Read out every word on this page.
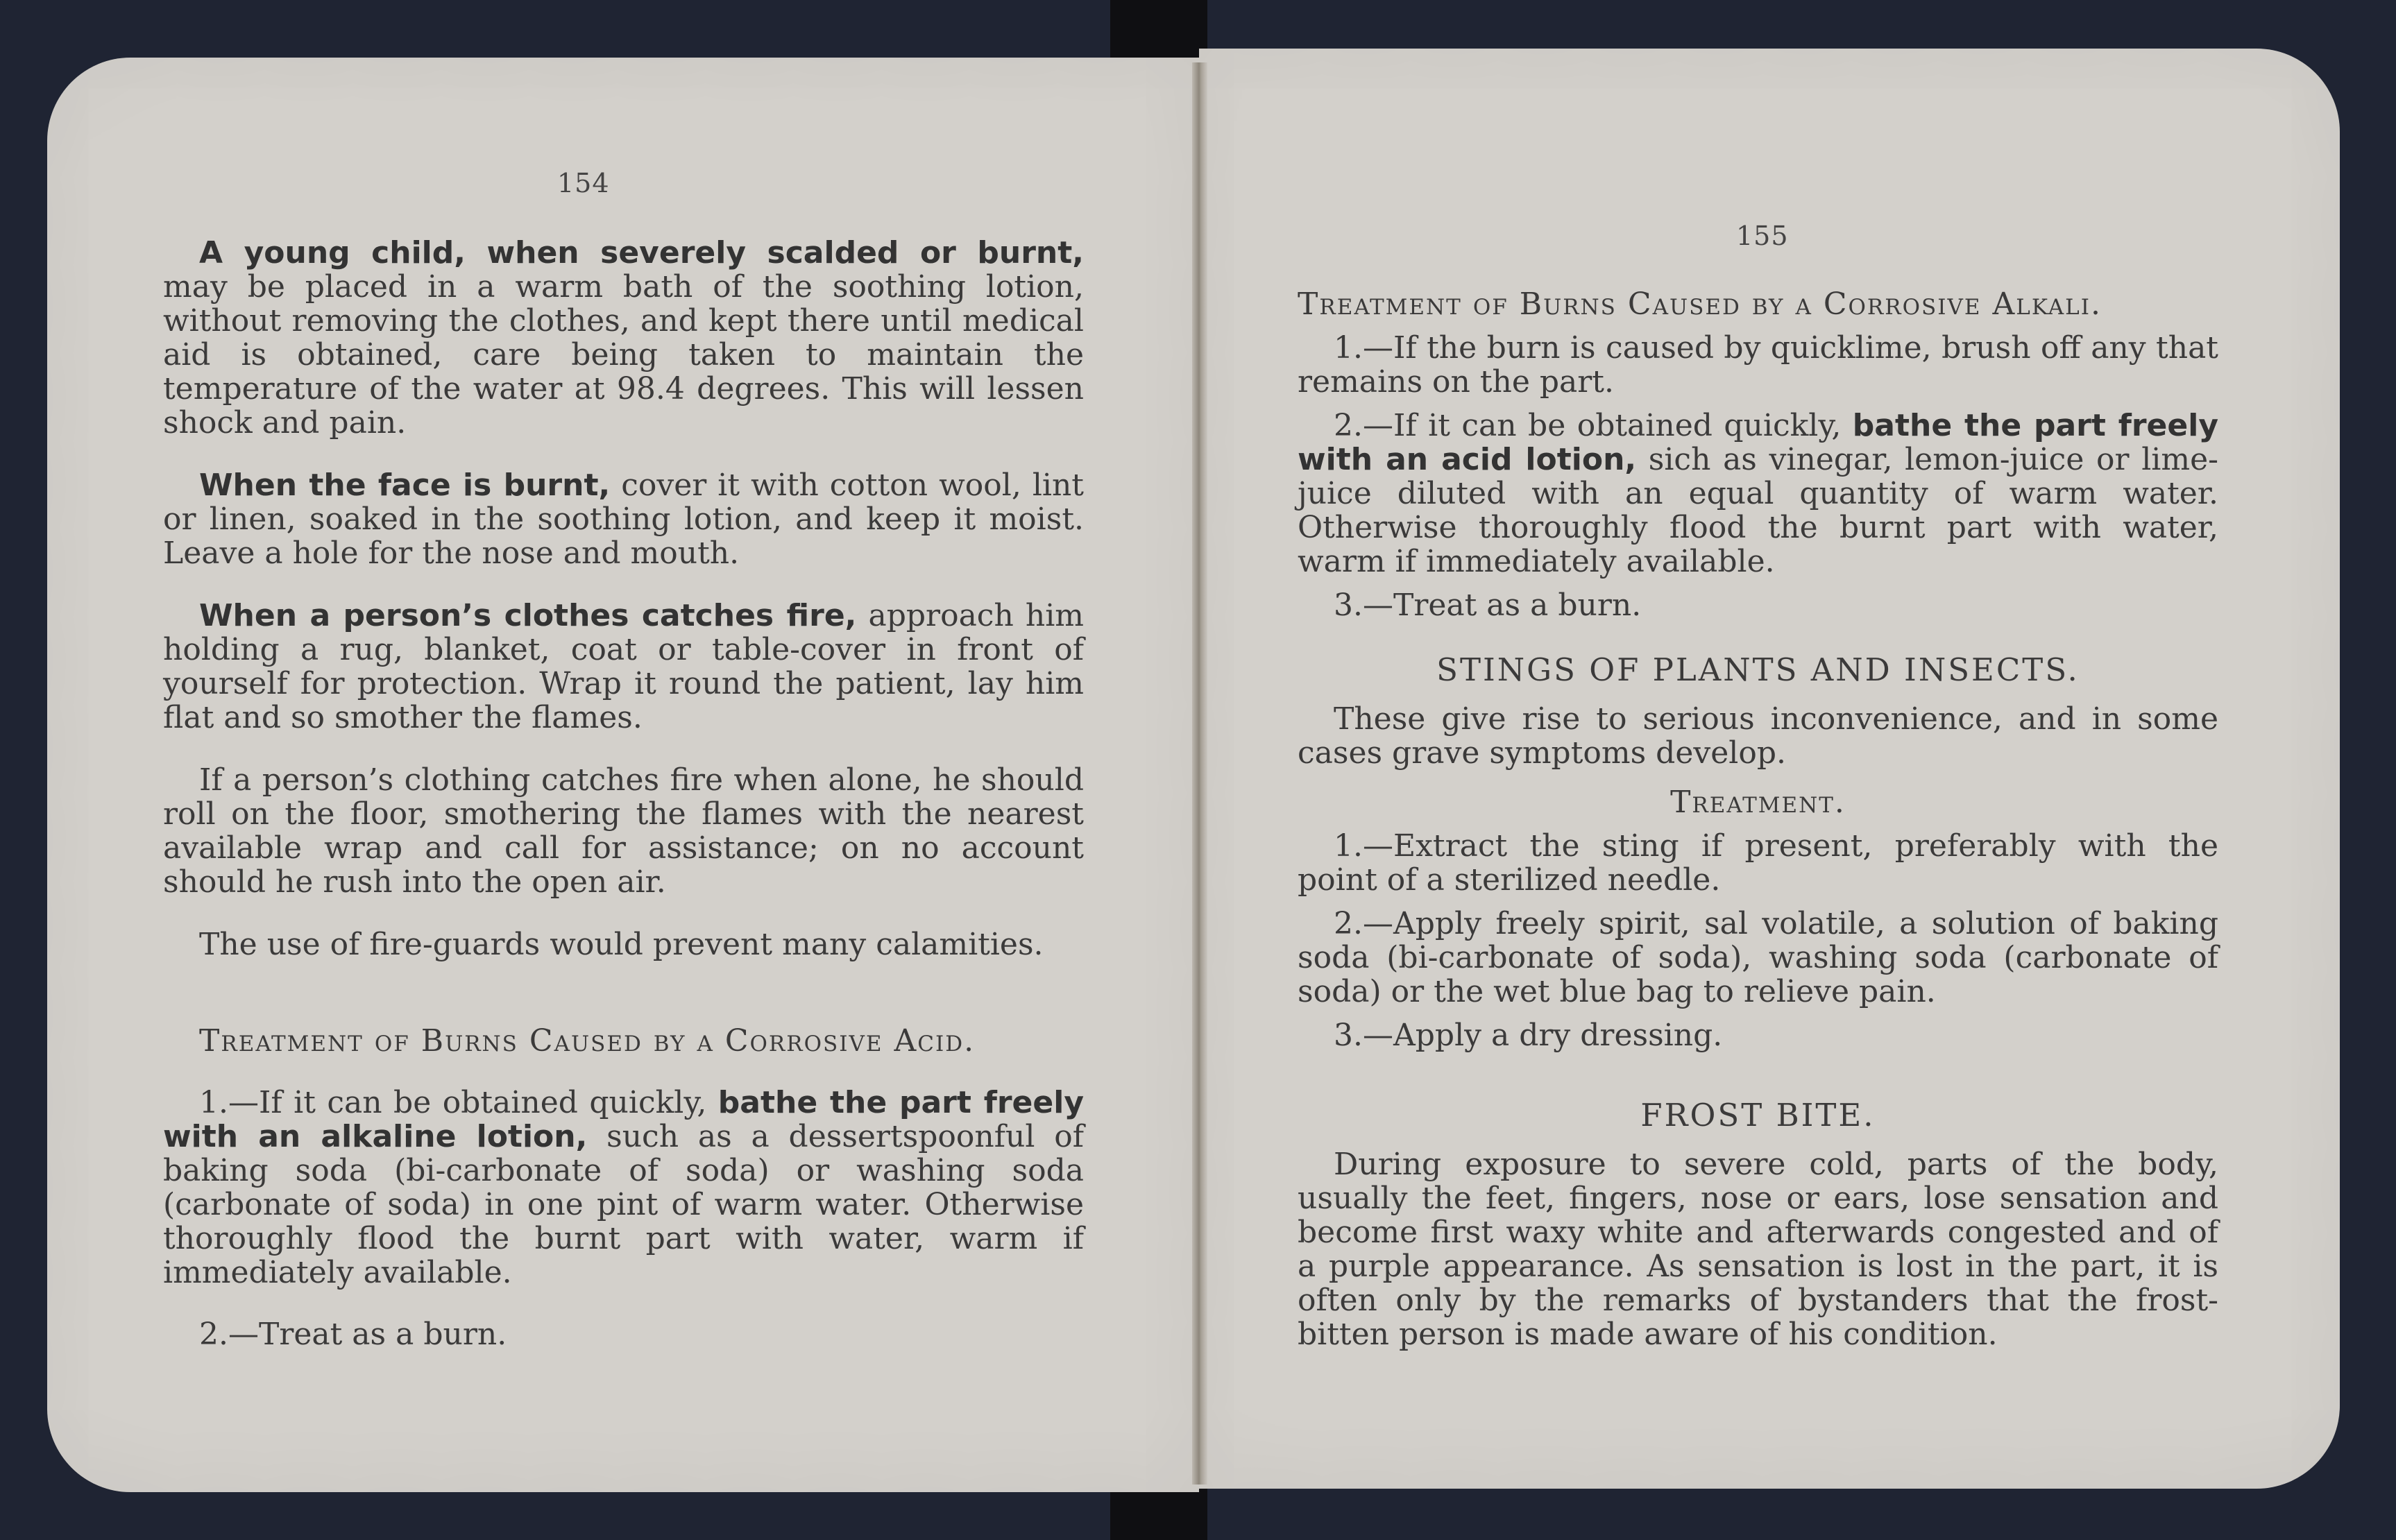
154

A young child, when severely scalded or burnt, may be placed in a warm bath of the soothing lotion, without removing the clothes, and kept there until medical aid is obtained, care being taken to maintain the temperature of the water at 98.4 degrees. This will lessen shock and pain.

When the face is burnt, cover it with cotton wool, lint or linen, soaked in the soothing lotion, and keep it moist. Leave a hole for the nose and mouth.

When a person’s clothes catches fire, approach him holding a rug, blanket, coat or table-cover in front of yourself for protection. Wrap it round the patient, lay him flat and so smother the flames.

If a person’s clothing catches fire when alone, he should roll on the floor, smothering the flames with the nearest available wrap and call for assistance; on no account should he rush into the open air.

The use of fire-guards would prevent many calamities.

Treatment of Burns Caused by a Corrosive Acid.

1.—If it can be obtained quickly, bathe the part freely with an alkaline lotion, such as a dessertspoonful of baking soda (bi-carbonate of soda) or washing soda (carbonate of soda) in one pint of warm water. Otherwise thoroughly flood the burnt part with water, warm if immediately available.

2.—Treat as a burn.

155

Treatment of Burns Caused by a Corrosive Alkali.

1.—If the burn is caused by quicklime, brush off any that remains on the part.

2.—If it can be obtained quickly, bathe the part freely with an acid lotion, sich as vinegar, lemon-juice or lime-juice diluted with an equal quantity of warm water. Otherwise thoroughly flood the burnt part with water, warm if immediately available.

3.—Treat as a burn.

STINGS OF PLANTS AND INSECTS.

These give rise to serious inconvenience, and in some cases grave symptoms develop.

Treatment.

1.—Extract the sting if present, preferably with the point of a sterilized needle.

2.—Apply freely spirit, sal volatile, a solution of baking soda (bi-carbonate of soda), washing soda (carbonate of soda) or the wet blue bag to relieve pain.

3.—Apply a dry dressing.

FROST BITE.

During exposure to severe cold, parts of the body, usually the feet, fingers, nose or ears, lose sensation and become first waxy white and afterwards congested and of a purple appearance. As sensation is lost in the part, it is often only by the remarks of bystanders that the frost-bitten person is made aware of his condition.
